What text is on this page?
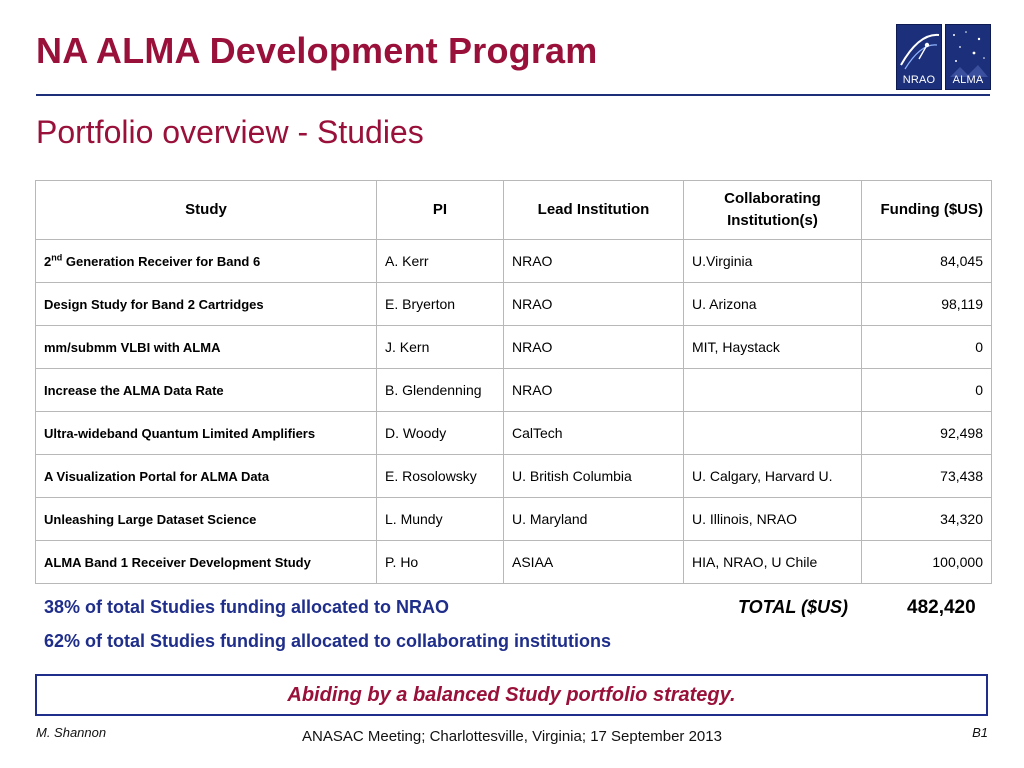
NA ALMA Development Program
NRAO	ALMA
Portfolio overview - Studies
Study	PI	Lead Institution	Collaborating Institution(s)	Funding ($US)
2nd Generation Receiver for Band 6	A. Kerr	NRAO	U.Virginia	84,045
Design Study for Band 2 Cartridges	E. Bryerton	NRAO	U. Arizona	98,119
mm/submm VLBI with ALMA	J. Kern	NRAO	MIT, Haystack	0
Increase the ALMA Data Rate	B. Glendenning	NRAO		0
Ultra-wideband Quantum Limited Amplifiers	D. Woody	CalTech		92,498
A Visualization Portal for ALMA Data	E. Rosolowsky	U. British Columbia	U. Calgary, Harvard U.	73,438
Unleashing Large Dataset Science	L. Mundy	U. Maryland	U. Illinois, NRAO	34,320
ALMA Band 1 Receiver Development Study	P. Ho	ASIAA	HIA, NRAO, U Chile	100,000
38% of total Studies funding allocated to NRAO
62% of total Studies funding allocated to collaborating institutions
TOTAL ($US)	482,420
Abiding by a balanced Study portfolio strategy.
M. Shannon	ANASAC Meeting; Charlottesville, Virginia; 17 September 2013	B1
